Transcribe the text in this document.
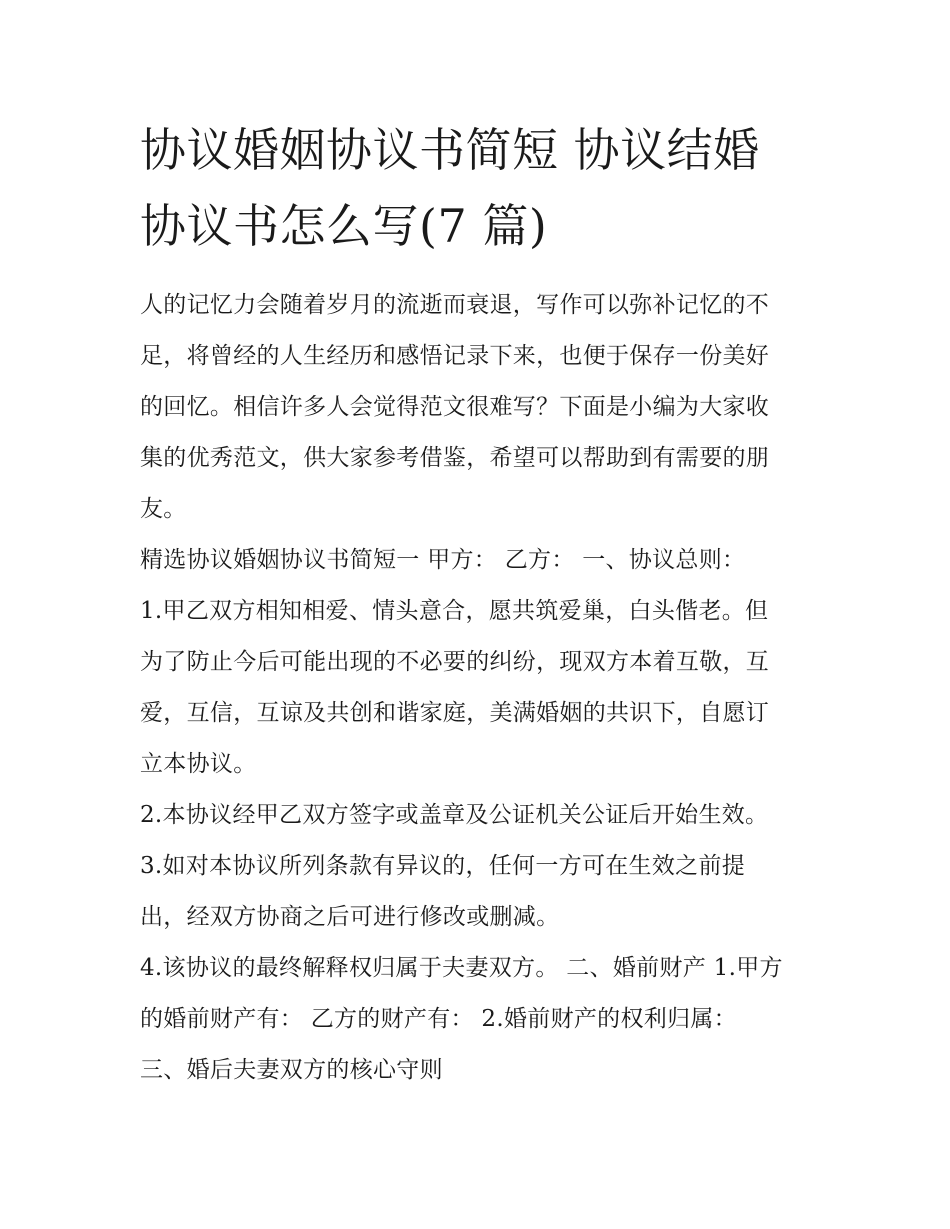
协议婚姻协议书简短 协议结婚
协议书怎么写(7 篇)

人的记忆力会随着岁月的流逝而衰退，写作可以弥补记忆的不
足，将曾经的人生经历和感悟记录下来，也便于保存一份美好
的回忆。相信许多人会觉得范文很难写？下面是小编为大家收
集的优秀范文，供大家参考借鉴，希望可以帮助到有需要的朋
友。

精选协议婚姻协议书简短一 甲方： 乙方： 一、协议总则：
1.甲乙双方相知相爱、情头意合，愿共筑爱巢，白头偕老。但
为了防止今后可能出现的不必要的纠纷，现双方本着互敬，互
爱，互信，互谅及共创和谐家庭，美满婚姻的共识下，自愿订
立本协议。
2.本协议经甲乙双方签字或盖章及公证机关公证后开始生效。
3.如对本协议所列条款有异议的，任何一方可在生效之前提
出，经双方协商之后可进行修改或删减。
4.该协议的最终解释权归属于夫妻双方。 二、婚前财产 1.甲方
的婚前财产有： 乙方的财产有： 2.婚前财产的权利归属：
三、婚后夫妻双方的核心守则
